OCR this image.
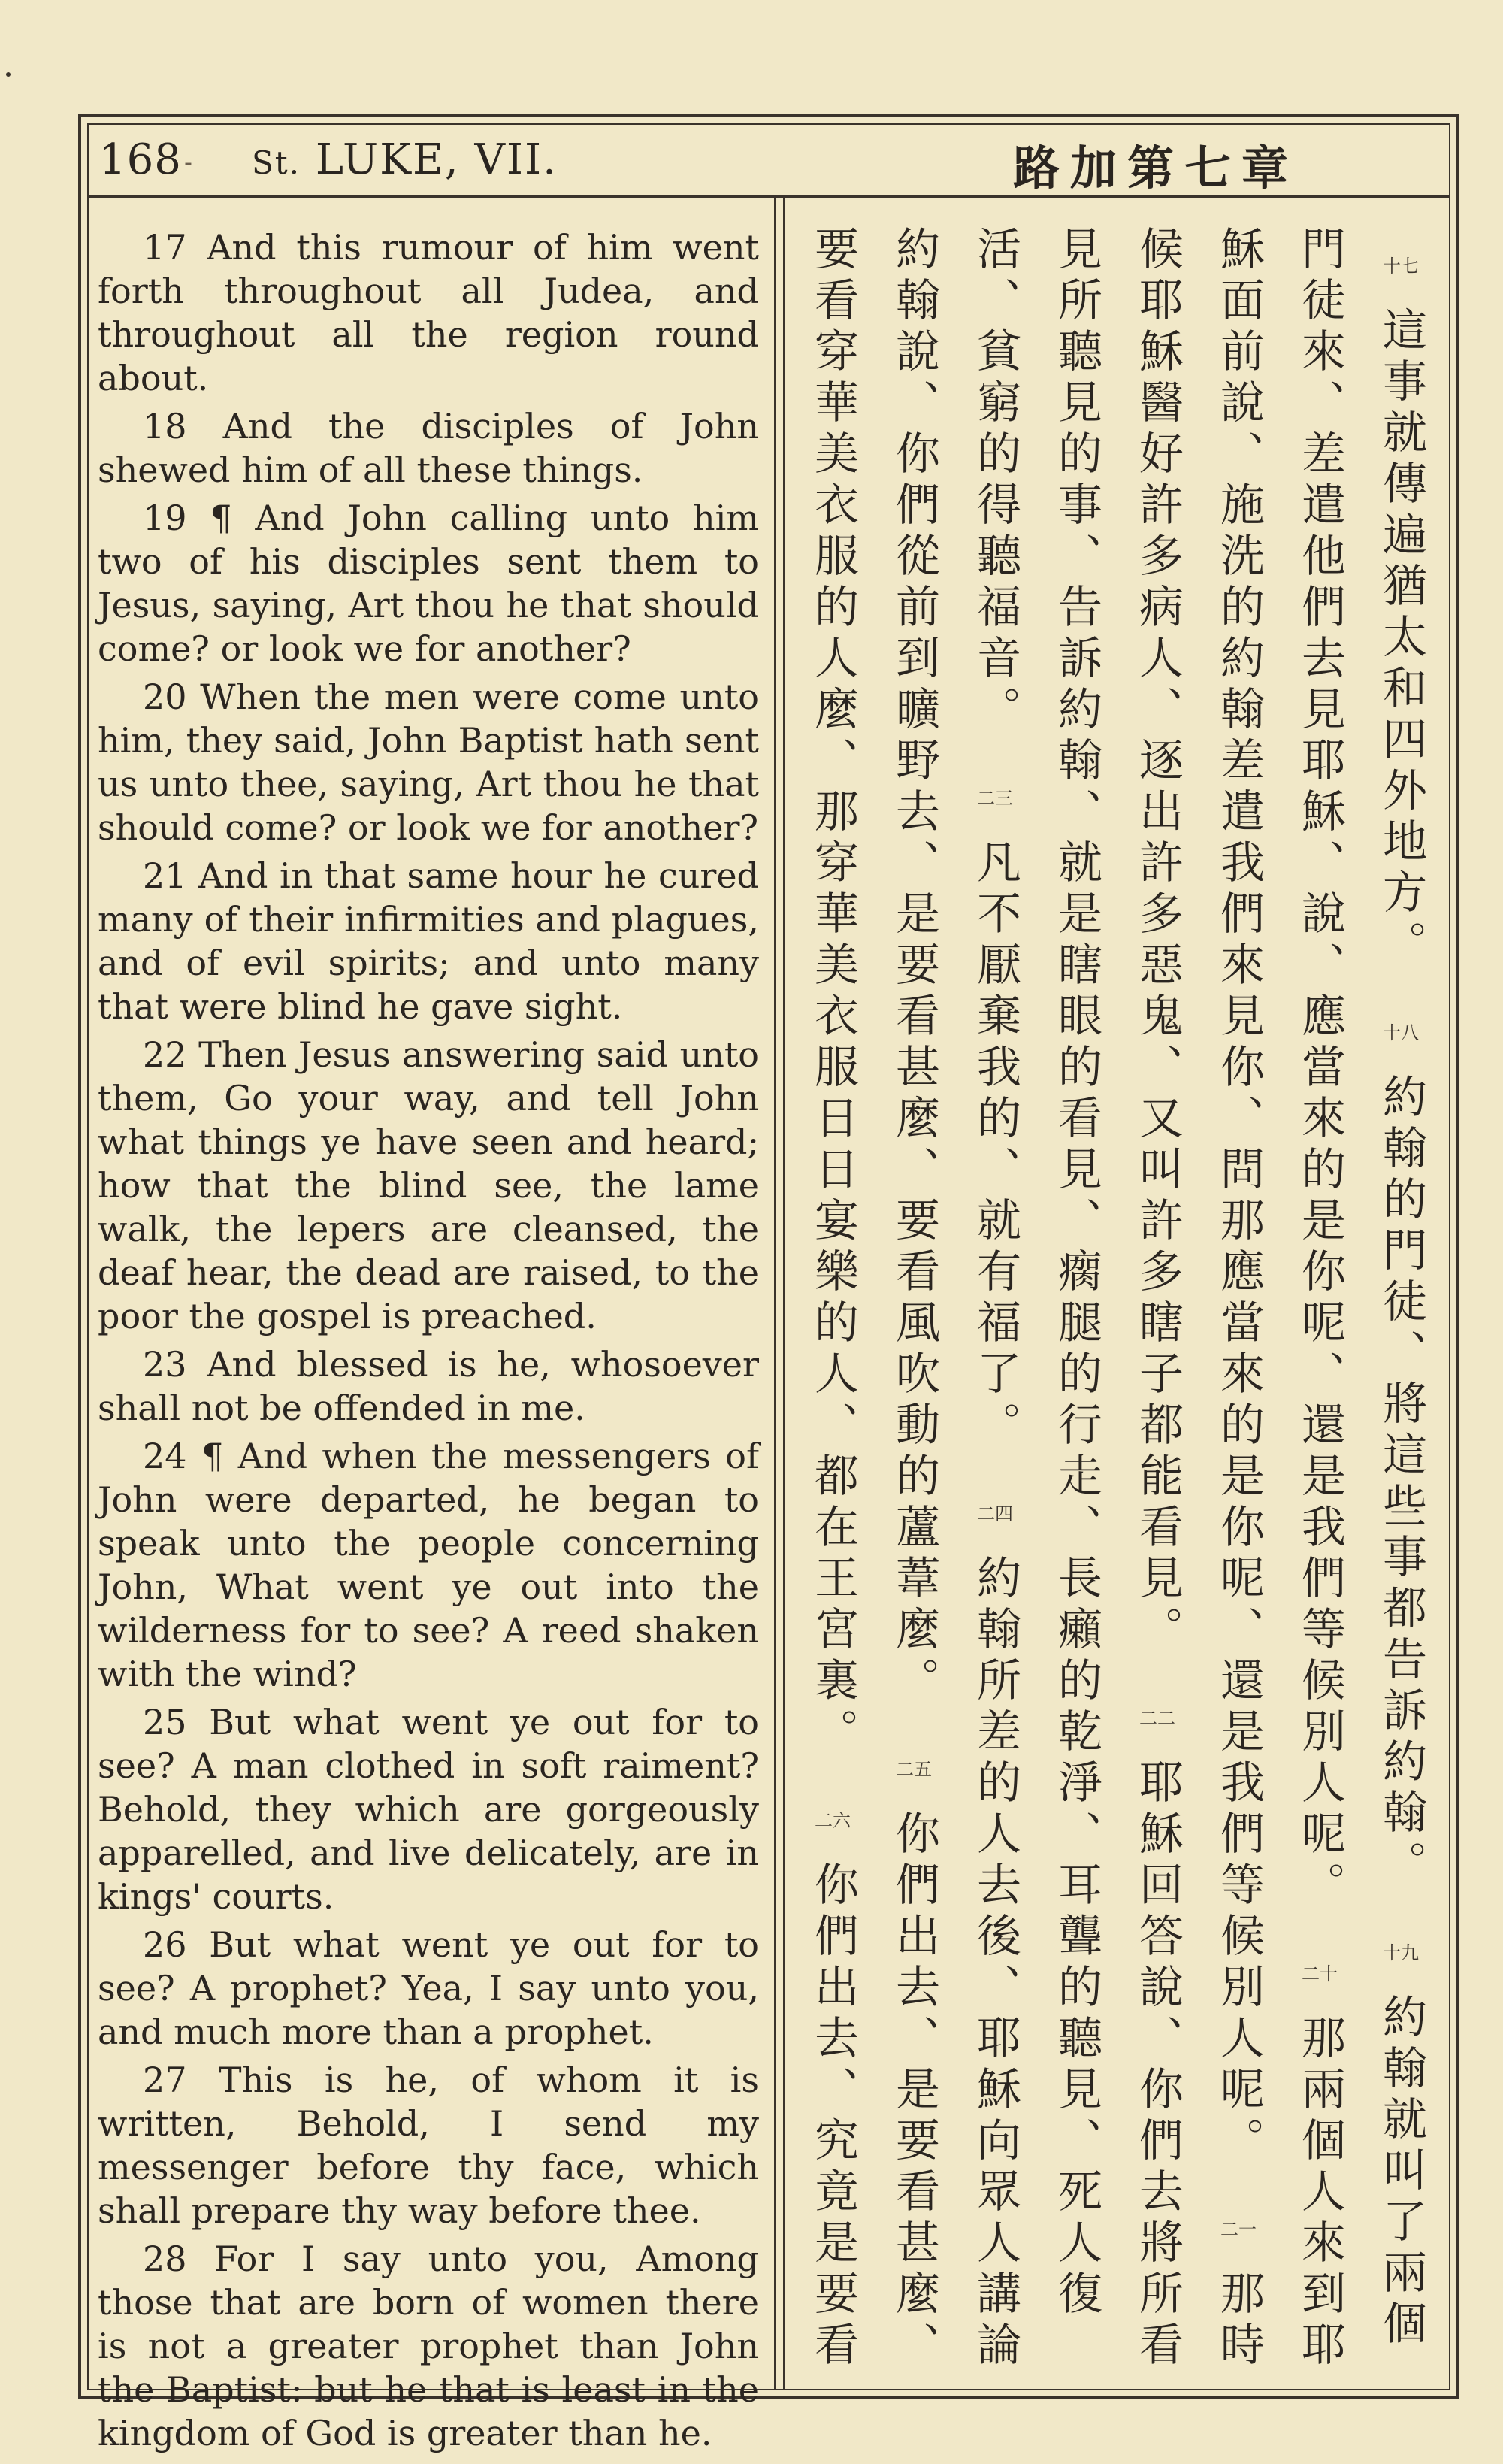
168 ˗ St. LUKE, VII.	路加第七章

17 And this rumour of him went forth throughout all Judea, and throughout all the region round about.

18 And the disciples of John shewed him of all these things.

19 ¶ And John calling unto him two of his disciples sent them to Jesus, saying, Art thou he that should come? or look we for another?

20 When the men were come unto him, they said, John Baptist hath sent us unto thee, saying, Art thou he that should come? or look we for another?

21 And in that same hour he cured many of their infirmities and plagues, and of evil spirits; and unto many that were blind he gave sight.

22 Then Jesus answering said unto them, Go your way, and tell John what things ye have seen and heard; how that the blind see, the lame walk, the lepers are cleansed, the deaf hear, the dead are raised, to the poor the gospel is preached.

23 And blessed is he, whosoever shall not be offended in me.

24 ¶ And when the messengers of John were departed, he began to speak unto the people concerning John, What went ye out into the wilderness for to see? A reed shaken with the wind?

25 But what went ye out for to see? A man clothed in soft raiment? Behold, they which are gorgeously apparelled, and live delicately, are in kings' courts.

26 But what went ye out for to see? A prophet? Yea, I say unto you, and much more than a prophet.

27 This is he, of whom it is written, Behold, I send my messenger before thy face, which shall prepare thy way before thee.

28 For I say unto you, Among those that are born of women there is not a greater prophet than John the Baptist: but he that is least in the kingdom of God is greater than he.

十七這事就傳遍猶太和四外地方。 十八約翰的門徒、將這些事都告訴約翰。 十九約翰就叫了兩個門徒來、差遣他們去見耶穌、說、應當來的是你呢、還是我們等候別人呢。 二十那兩個人來到耶穌面前說、施洗的約翰差遣我們來見你、問那應當來的是你呢、還是我們等候別人呢。 二一那時候耶穌醫好許多病人、逐出許多惡鬼、又叫許多瞎子都能看見。 二二耶穌回答說、你們去將所看見所聽見的事、告訴約翰、就是瞎眼的看見、瘸腿的行走、長癩的乾淨、耳聾的聽見、死人復活、貧窮的得聽福音。 二三凡不厭棄我的、就有福了。 二四約翰所差的人去後、耶穌向眾人講論約翰說、你們從前到曠野去、是要看甚麼、要看風吹動的蘆葦麼。 二五你們出去、是要看甚麼、要看穿華美衣服的人麼、那穿華美衣服日日宴樂的人、都在王宮裏。 二六你們出去、究竟是要看
